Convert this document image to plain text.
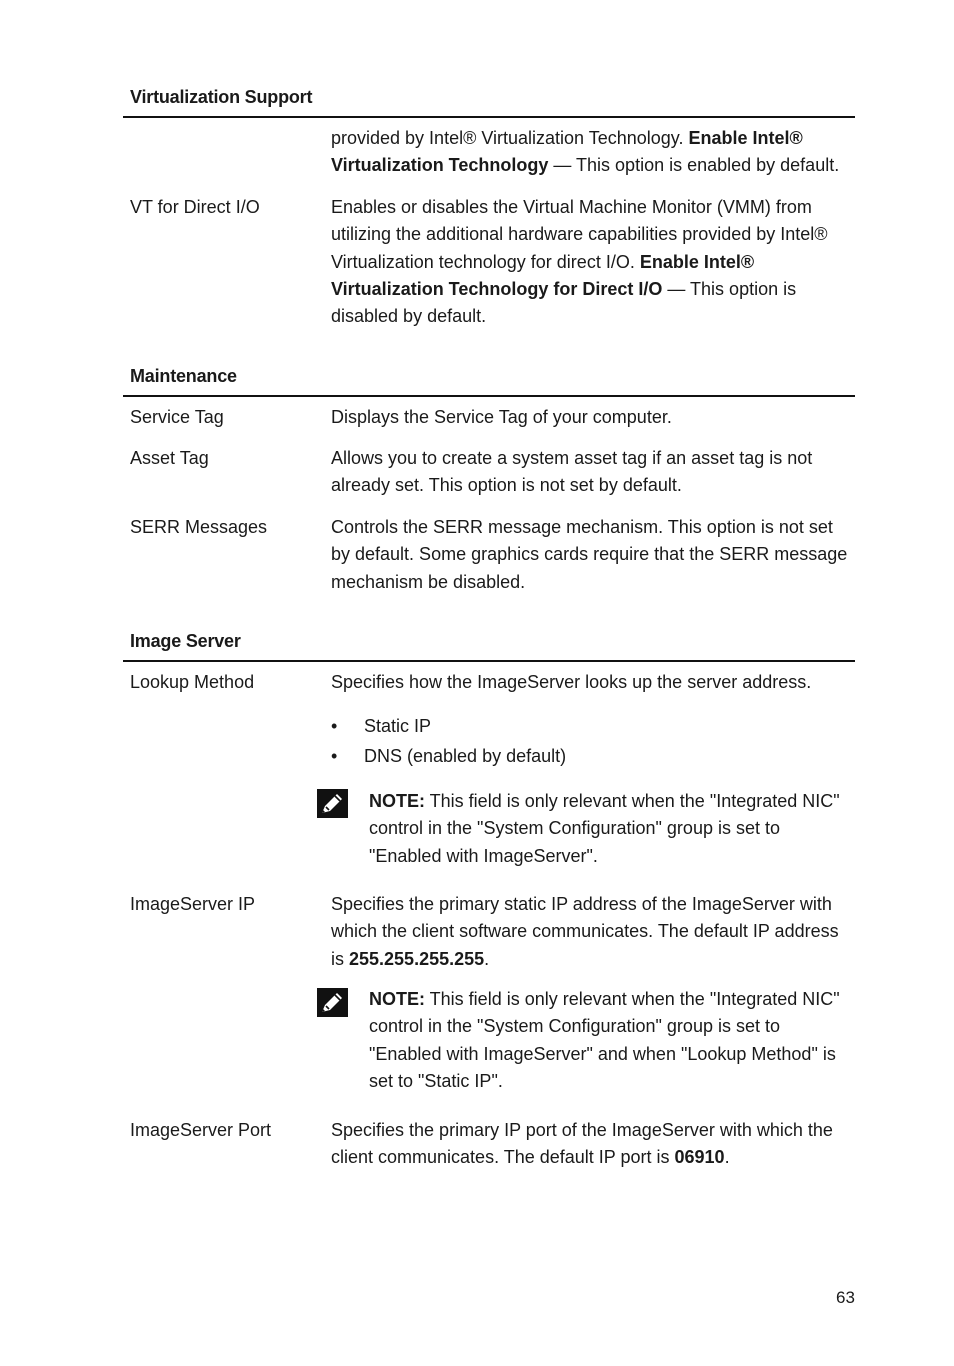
Virtualization Support
provided by Intel® Virtualization Technology. Enable Intel® Virtualization Technology — This option is enabled by default.
VT for Direct I/O	Enables or disables the Virtual Machine Monitor (VMM) from utilizing the additional hardware capabilities provided by Intel® Virtualization technology for direct I/O. Enable Intel® Virtualization Technology for Direct I/O — This option is disabled by default.
Maintenance
Service Tag	Displays the Service Tag of your computer.
Asset Tag	Allows you to create a system asset tag if an asset tag is not already set. This option is not set by default.
SERR Messages	Controls the SERR message mechanism. This option is not set by default. Some graphics cards require that the SERR message mechanism be disabled.
Image Server
Lookup Method	Specifies how the ImageServer looks up the server address.
• Static IP
• DNS (enabled by default)
NOTE: This field is only relevant when the "Integrated NIC" control in the "System Configuration" group is set to "Enabled with ImageServer".
ImageServer IP	Specifies the primary static IP address of the ImageServer with which the client software communicates. The default IP address is 255.255.255.255.
NOTE: This field is only relevant when the "Integrated NIC" control in the "System Configuration" group is set to "Enabled with ImageServer" and when "Lookup Method" is set to "Static IP".
ImageServer Port	Specifies the primary IP port of the ImageServer with which the client communicates. The default IP port is 06910.
63
